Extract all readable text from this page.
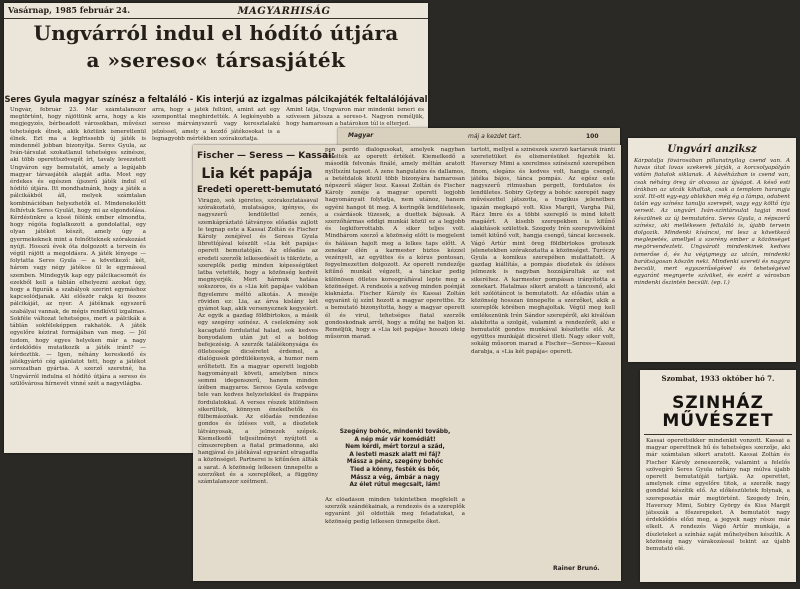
Vasárnap, 1985 február 24.	MAGYARHISÁG
Ungvárról indul el hódító útjára
a »sereso« társasjáték
Seres Gyula magyar színész a feltaláló - Kis interjú az izgalmas pálcikajáték feltalálójával
Ungvár, február 23. Már számtalanszor megtörtént, hogy rájöttünk arra, hogy a kis megjegyzés, bérbeadott városokban, művészi tehetségek élnek, akik köztünk ismeretlenül élnek. Ezt ma a legfrissebb új játék is mindennél jobban bizonyítja. Seres Gyula, az Iván-társulat szokatlanul tehetséges színésze, aki több operettszövegét írt, tavaly levezetett Ungváron egy bemutatót, amely a legújabb magyar társasjáték alapját adta. Most egy érdekes és egészen újszerű játék indul el hódító útjára. Itt mondhatnánk, hogy a játék a pálcikákból áll, melyek számtalan kombinációban helyezhetők el. Mindenekelőtt felhívtuk Seres Gyulát, hogy mi az elgondolása. Kérdésünkre a kissé félénk ember elmondta, hogy régóta foglalkozott a gondolattal, egy olyan játékot készít, amely úgy a gyermekeknek mint a felnőtteknek szórakozást nyújt. Hosszú évek óta dolgozott a tervein és végül rájött a megoldásra. A játék lényege — folytatta Seres Gyula — a következő: két, három vagy négy játékos ül le egymással szemben. Mindegyik kap egy pálcikacsomót és ezekből kell a táblán elhelyezni azokat úgy, hogy a figurák a szabályok szerint egymáshoz kapcsolódjanak. Aki először rakja ki összes pálcikáját, az nyer. A játéknak egyszerű szabályai vannak, de mégis rendkívül izgalmas. Sokféle változat lehetséges, mert a pálcikák a táblán sokféleképpen rakhatók. A játék egyelőre kézirat formájában van meg. — Jól tudom, hogy egyes helyeken már a nagy érdeklődés mutatkozik a játék iránt? — kérdeztük. — Igen, néhány kereskedő és játékgyártó cég ajánlatot tett, hogy a játékot sorozatban gyártsa. A szerző szeretné, ha Ungvárról indulna el hódító útjára a sereso és szülővárosa hírnevét vinné szét a nagyvilágba.
arra, hogy a játék feltűnt, amint azt egy szemponttal meghirdették. A legkényebb a sereso márványszerű vagy keresztalakú jelzéssel, amely a kezdő játékosokat is a legnagyobb mértékben szórakoztatja.
Amint látja, Ungváron már mindenki ismeri és szívesen játssza a sereso-t. Nagyon reméljük, hogy hamarosan a határokon túl is elterjed.
Magyar	máj a kezdet tart.	100
Fischer — Seress — Kassai:
Lia két papája
Eredeti operett-bemutató
Virágzó, sok ígéretes, szórakoztatásával szórakoztató, mulatságos, igényes, és nagyszerű lendülettel zenés, szemkápráztató látványos előadás zajlott le tegnap este a Kassai Zoltán és Fischer Károly zenéjével és Seress Gyula librettójával készült »Lia két papája« operett bemutatóján. Az előadás az eredeti szerzők lelkesedését is tükrözte, a szereplők pedig minden képességüket latba vetették, hogy a közönség kedvét megnyerjék. Mert hármuk hatása sokszoros, és a »Lia két papája« valóban figyelemre méltó alkotás. A meséje röviden ez: Lia, az árva kislány két gyámot kap, akik versenyeznek kegyeiért. Az egyik a gazdag földbirtokos, a másik egy szegény színész. A cselekmény sok kacagtató fordulattal halad, sok kedves bonyodalom után jut el a boldog befejezésig. A szerzők találékonysága és ötletessége dicséretet érdemel, a dialógusok gördülékenyek, a humor nem erőltetett. En a magyar operett legjobb hagyományait követi, amelyben nincs semmi idegenszerű, hanem minden ízében magyaros. Seress Gyula szövege tele van kedves helyzetekkel és frappáns fordulatokkal. A verses részek különösen sikerültek, könnyen énekelhetők és fülbemászóak. Az előadás rendezése gondos és ízléses volt, a díszletek látványosak, a jelmezek szépek. Kiemelkedő teljesítményt nyújtott a címszerepben a fiatal primadonna, aki hangjával és játékával egyaránt elragadta a közönséget. Partnerei is kitűnően állták a sarat. A közönség lelkesen ünnepelte a szerzőket és a szereplőket, a függöny számtalanszor szétment.
pen perdő dialógusokat, amelyek nagyban emelték az operett értékét. Kiemelkedő a második felvonás finálé, amely méltán aratott nyíltszíni tapsot. A zene hangulatos és dallamos, a betétdalok közül több bizonyára hamarosan népszerű sláger lesz. Kassai Zoltán és Fischer Károly zenéje a magyar operett legjobb hagyományait folytatja, nem utánoz, hanem egyéni hangot üt meg. A keringők lendületesek, a csárdások tüzesek, a duettek bájosak. A szerzőhármas eddigi munkái közül ez a legjobb és legkiforrottabb. A siker teljes volt. Mindhárom szerző a közönség előtt is megjelent és hálásan hajolt meg a lelkes taps előtt. A zenekar élén a karmester biztos kézzel vezényelt, az együttes és a kórus pontosan, fegyelmezetten dolgozott. Az operett rendezője kitűnő munkát végzett, a tánckar pedig különösen ötletes koreográfiával lepte meg a közönséget. A rendezés a szöveg minden poénját kiaknázta. Fischer Károly és Kassai Zoltán egyaránt új színt hozott a magyar operettbe. Ez a bemutató bizonyította, hogy a magyar operett él és virul, tehetséges fiatal szerzők gondoskodnak arról, hogy a műfaj ne haljon ki. Reméljük, hogy a »Lia két papája« hosszú ideig műsoron marad.
Szegény bohóc, mindenki tovább,
A nép már vár komédiát!
Nem kérdi, mért torzul a szád,
A lesteti maszk alatt mi fáj?
Mássz a pénz, szegény bohóc
Tied a könny, festék és bőr,
Mássz a vég, ámbár a nagy
Az élet rútul megcsalt, lám!
Az előadáson minden tekintetben megfelelt a szerzők szándékainak, a rendezés és a szereplők egyaránt jól oldották meg feladatukat, a közönség pedig lelkesen ünnepelte őket.
tartott, mellyel a színészek szerző kartársuk iránti szeretetüket és elismerésüket fejezték ki. Haverszy Mimi a szerelmes színésznő szerepében finom, elegáns és kedves volt, hangja csengő, játéka bájos, tánca pompás. Az egész este nagyszerű ritmusban pergett, fordulatos és lendületes. Sobiry György a bohóc szerepét nagy művészettel játszotta, a tragikus jelenetben igazán megkapó volt. Kiss Margit, Vargha Pál, Rácz Imre és a többi szereplő is mind kitett magáért. A kisebb szerepekben is kitűnő alakítások születtek. Szegedy Irén szerepvivőként ismét kitűnő volt, hangja csengő, táncai kecsesek. Vágó Artúr mint öreg földbirtokos groteszk jelenetekben szórakoztatta a közönséget. Turóczy Gyula a komikus szerepében mulattatott. A gazdag kiállítás, a pompás díszletek és ízléses jelmezek is nagyban hozzájárultak az est sikeréhez. A karmester pompásan irányította a zenekart. Hatalmas sikert aratott a táncosnő, aki két szólótáncot is bemutatott. Az előadás után a közönség hosszan ünnepelte a szerzőket, akik a szereplők körében meghajoltak. Végül meg kell emlékeznünk Irén Sándor szerepéről, aki kiválóan alakította a szolgát, valamint a rendezőről, aki e bemutatót gondos munkával készítette elő. Az együttes munkáját dicséret illeti. Nagy siker volt, sokáig műsoron marad a Fischer—Seress—Kassai darabja, a »Lia két papája« operett.
Rainer Brunó.
Ungvári anziksz
Kárpátalja fővárosában pillanatnyilag csend van. A havas útat lovas szekerek járják, a korcsolyapályán vidám fiatalok siklanak. A kávéházban is csend van, csak néhány öreg úr olvassa az újságot. A késő esti órákban az utcák kihaltak, csak a templom harangja szól. Itt-ott egy-egy ablakban még ég a lámpa, odabent talán egy színész tanulja szerepét, vagy egy költő írja verseit. Az ungvári Iván-színtársulat tagjai most készülnek az új bemutatóra. Seres Gyula, a népszerű színész, aki mellékesen feltaláló is, újabb tervein dolgozik. Mindenki kíváncsi, mi lesz a következő meglepetés, amellyel a szerény ember a közönséget megörvendezteti. Ungvárott mindenkinek kedves ismerőse ő, és ha végigmegy az utcán, mindenki barátságosan köszön neki. Mindenki szereti és nagyra becsüli, mert egyszerűségével és tehetségével egyaránt megnyerte szívüket, és ezért a városban mindenki őszintén becsüli. (ep. l.)
Szombat, 1933 október hó 7.
SZINHÁZ
MŰVÉSZET
Kassai operettsikker mindenkit vonzott. Kassai a magyar operettnek hű és tehetséges szerzője, aki már számtalan sikert aratott. Kassai Zoltán és Fischer Károly zeneszerzők, valamint a felelős szövegíró Seres Gyula néhány nap múlva újabb operett bemutatóját tartják. Az operettet, amelynek címe egyelőre titok, a szerzők nagy gonddal készítik elő. Az előkészületek folynak, a szereposztás már megtörtént. Szegedy Irén, Haverszy Mimi, Sobiry György és Kiss Margit játsszák a főszerepeket. A bemutatót nagy érdeklődés előzi meg, a jegyek nagy része már elkelt. A rendezés Vágó Artúr munkája, a díszleteket a színház saját műhelyében készítik. A közönség nagy várakozással tekint az újabb bemutató elé.
